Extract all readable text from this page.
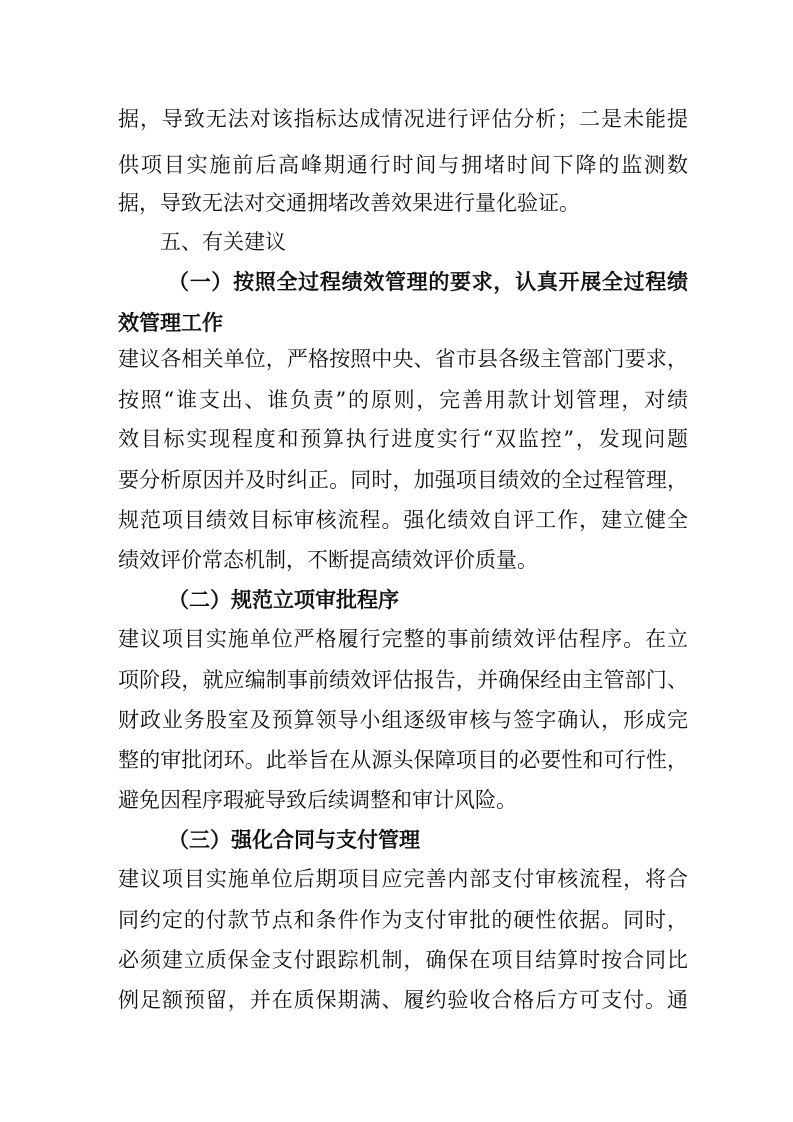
据，导致无法对该指标达成情况进行评估分析；二是未能提
供项目实施前后高峰期通行时间与拥堵时间下降的监测数
据，导致无法对交通拥堵改善效果进行量化验证。
五、有关建议
（一）按照全过程绩效管理的要求，认真开展全过程绩
效管理工作
建议各相关单位，严格按照中央、省市县各级主管部门要求，
按照“谁支出、谁负责”的原则，完善用款计划管理，对绩
效目标实现程度和预算执行进度实行“双监控”，发现问题
要分析原因并及时纠正。同时，加强项目绩效的全过程管理，
规范项目绩效目标审核流程。强化绩效自评工作，建立健全
绩效评价常态机制，不断提高绩效评价质量。
（二）规范立项审批程序
建议项目实施单位严格履行完整的事前绩效评估程序。在立
项阶段，就应编制事前绩效评估报告，并确保经由主管部门、
财政业务股室及预算领导小组逐级审核与签字确认，形成完
整的审批闭环。此举旨在从源头保障项目的必要性和可行性，
避免因程序瑕疵导致后续调整和审计风险。
（三）强化合同与支付管理
建议项目实施单位后期项目应完善内部支付审核流程，将合
同约定的付款节点和条件作为支付审批的硬性依据。同时，
必须建立质保金支付跟踪机制，确保在项目结算时按合同比
例足额预留，并在质保期满、履约验收合格后方可支付。通
